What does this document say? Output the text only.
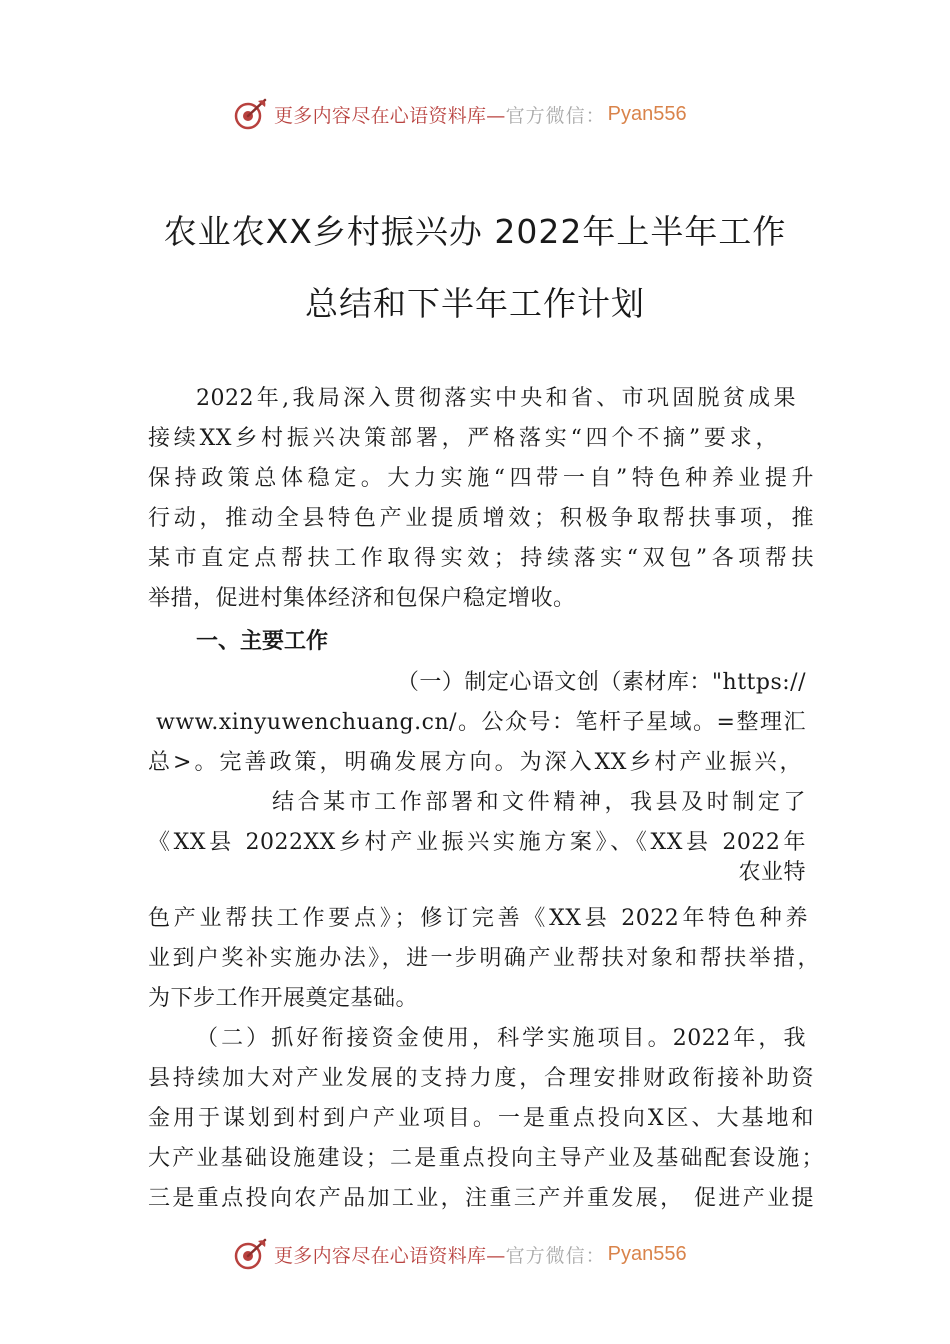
更多内容尽在心语资料库— 官方微信： Pyan556
农业农XX乡村振兴办 2022年上半年工作
总结和下半年工作计划
2022年,我局深入贯彻落实中央和省、市巩固脱贫成果
接续XX乡村振兴决策部署，严格落实“四个不摘”要求，
保持政策总体稳定。大力实施“四带一自”特色种养业提升
行动，推动全县特色产业提质增效；积极争取帮扶事项，推
某市直定点帮扶工作取得实效；持续落实“双包”各项帮扶
举措，促进村集体经济和包保户稳定增收。
一、主要工作
（一）制定心语文创（素材库："https://
www.xinyuwenchuang.cn/。公众号：笔杆子星域。=整理汇
总>。完善政策，明确发展方向。为深入XX乡村产业振兴，
结合某市工作部署和文件精神，我县及时制定了
《XX县 2022XX乡村产业振兴实施方案》、《XX县 2022年
农业特
色产业帮扶工作要点》；修订完善《XX县 2022年特色种养
业到户奖补实施办法》，进一步明确产业帮扶对象和帮扶举措，
为下步工作开展奠定基础。
（二）抓好衔接资金使用，科学实施项目。2022年，我
县持续加大对产业发展的支持力度，合理安排财政衔接补助资
金用于谋划到村到户产业项目。一是重点投向X区、大基地和
大产业基础设施建设；二是重点投向主导产业及基础配套设施；
三是重点投向农产品加工业，注重三产并重发展， 促进产业提
更多内容尽在心语资料库— 官方微信： Pyan556
